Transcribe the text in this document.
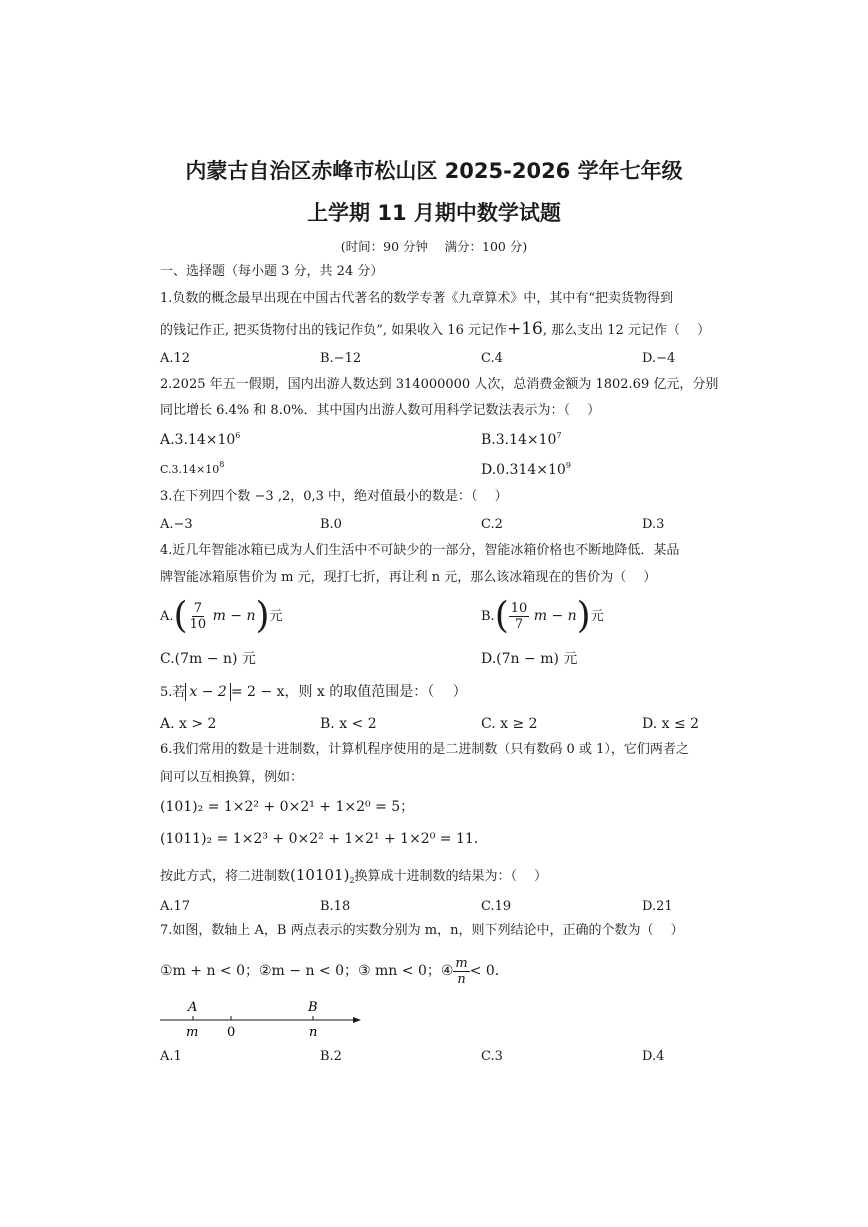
内蒙古自治区赤峰市松山区 2025-2026 学年七年级
上学期 11 月期中数学试题
(时间：90 分钟　 满分：100 分)
一、选择题（每小题 3 分，共 24 分）
1.负数的概念最早出现在中国古代著名的数学专著《九章算术》中，其中有“把卖货物得到
的钱记作正, 把买货物付出的钱记作负”, 如果收入 16 元记作+16, 那么支出 12 元记作（　 ）
A.12	B.−12	C.4	D.−4
2.2025 年五一假期，国内出游人数达到 314000000 人次，总消费金额为 1802.69 亿元，分别
同比增长 6.4% 和 8.0%．其中国内出游人数可用科学记数法表示为：（　 ）
$A.3.14\times 10^6$	$B.3.14\times 10^7$
$C.3.14\times 10^8$	$D.0.314\times 10^9$
3.在下列四个数 −3 ,2，0,3 中，绝对值最小的数是：（　 ）
A.−3	B.0	C.2	D.3
4.近几年智能冰箱已成为人们生活中不可缺少的一部分，智能冰箱价格也不断地降低．某品
牌智能冰箱原售价为 m 元，现打七折，再让利 n 元，那么该冰箱现在的售价为（　 ）
$A.( \frac{7}{10}$ m − n)元	$B.( \frac{10}{7}$ m − n)元
C.(7m − n) 元	D.(7n − m) 元
5.若 x − 2 = 2 − x，则 x 的取值范围是：（　 ）
A. x > 2	B. x < 2	C. x ≥ 2	D. x ≤ 2
6.我们常用的数是十进制数，计算机程序使用的是二进制数（只有数码 0 或 1），它们两者之
间可以互相换算，例如：
(101)₂ = 1×2² + 0×2¹ + 1×2⁰ = 5；
(1011)₂ = 1×2³ + 0×2² + 1×2¹ + 1×2⁰ = 11．
按此方式，将二进制数$(10101)_2$换算成十进制数的结果为：（　 ）
A.17	B.18	C.19	D.21
7.如图，数轴上 A，B 两点表示的实数分别为 m，n，则下列结论中，正确的个数为（　 ）
①m + n < 0；②m − n < 0；③ mn < 0；④ $\frac{m}{n} < 0$．
A	B
m 0	n
A.1	B.2	C.3	D.4
